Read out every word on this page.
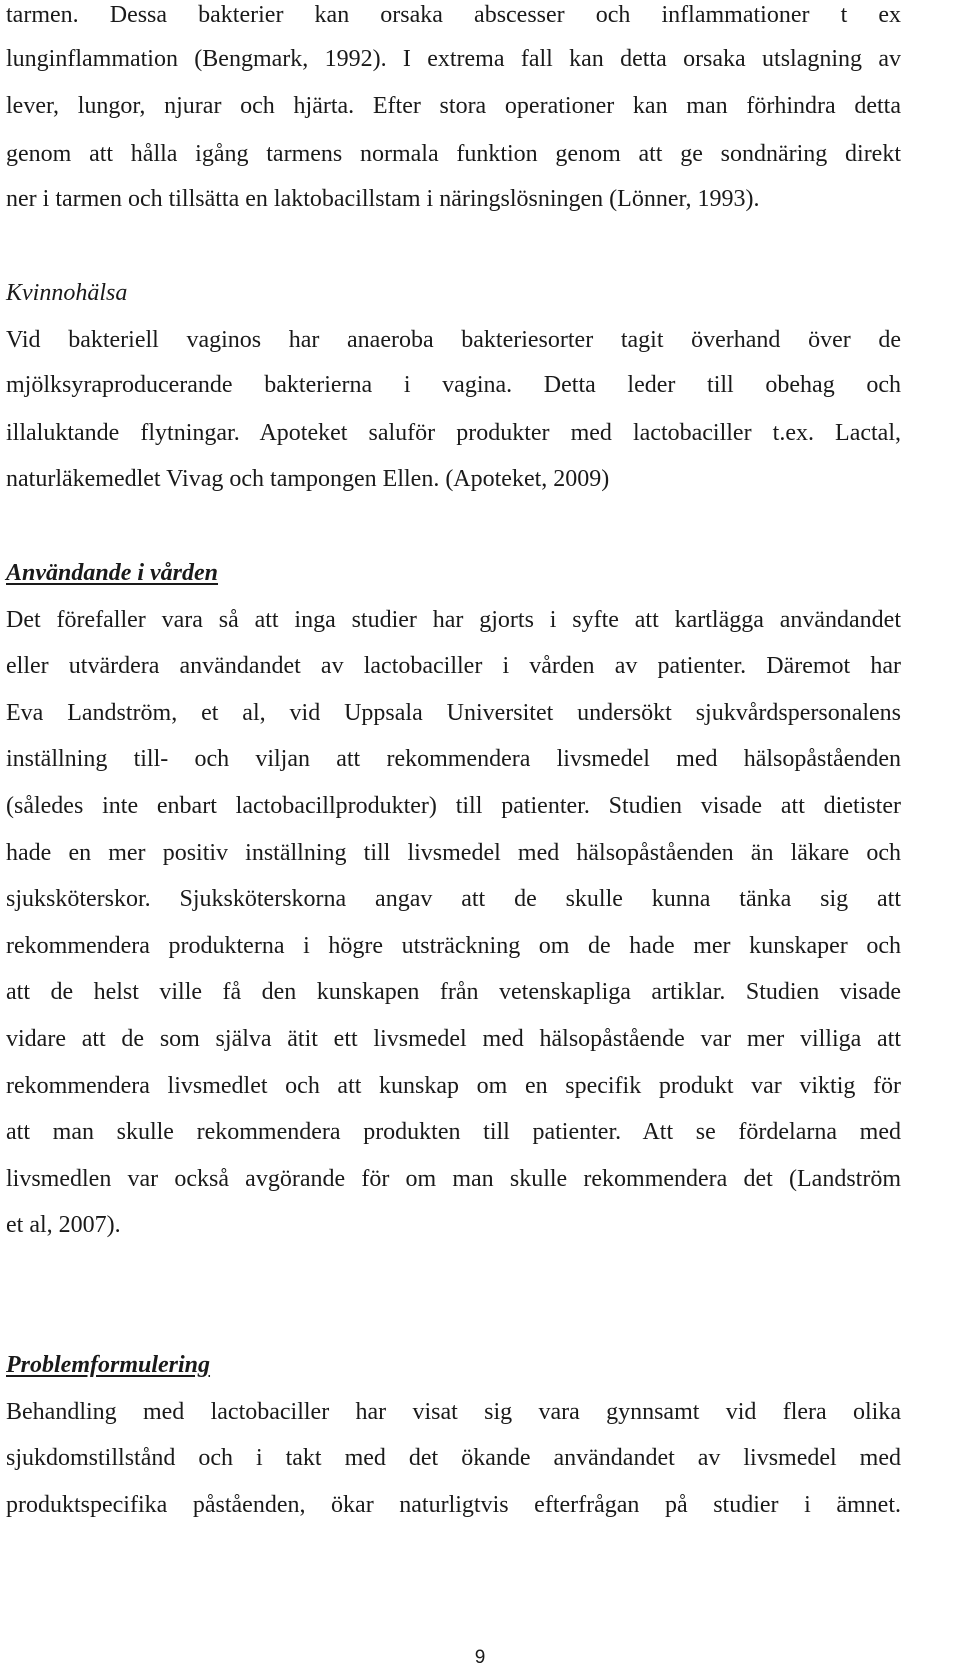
tarmen. Dessa bakterier kan orsaka abscesser och inflammationer t ex
lunginflammation (Bengmark, 1992). I extrema fall kan detta orsaka utslagning av
lever, lungor, njurar och hjärta. Efter stora operationer kan man förhindra detta
genom att hålla igång tarmens normala funktion genom att ge sondnäring direkt
ner i tarmen och tillsätta en laktobacillstam i näringslösningen (Lönner, 1993).
Kvinnohälsa
Vid bakteriell vaginos har anaeroba bakteriesorter tagit överhand över de
mjölksyraproducerande bakterierna i vagina. Detta leder till obehag och
illaluktande flytningar. Apoteket saluför produkter med lactobaciller t.ex. Lactal,
naturläkemedlet Vivag och tampongen Ellen. (Apoteket, 2009)
Användande i vården
Det förefaller vara så att inga studier har gjorts i syfte att kartlägga användandet
eller utvärdera användandet av lactobaciller i vården av patienter. Däremot har
Eva Landström, et al, vid Uppsala Universitet undersökt sjukvårdspersonalens
inställning till- och viljan att rekommendera livsmedel med hälsopåståenden
(således inte enbart lactobacillprodukter) till patienter. Studien visade att dietister
hade en mer positiv inställning till livsmedel med hälsopåståenden än läkare och
sjuksköterskor. Sjuksköterskorna angav att de skulle kunna tänka sig att
rekommendera produkterna i högre utsträckning om de hade mer kunskaper och
att de helst ville få den kunskapen från vetenskapliga artiklar. Studien visade
vidare att de som själva ätit ett livsmedel med hälsopåstående var mer villiga att
rekommendera livsmedlet och att kunskap om en specifik produkt var viktig för
att man skulle rekommendera produkten till patienter. Att se fördelarna med
livsmedlen var också avgörande för om man skulle rekommendera det (Landström
et al, 2007).
Problemformulering
Behandling med lactobaciller har visat sig vara gynnsamt vid flera olika
sjukdomstillstånd och i takt med det ökande användandet av livsmedel med
produktspecifika påståenden, ökar naturligtvis efterfrågan på studier i ämnet.
9
